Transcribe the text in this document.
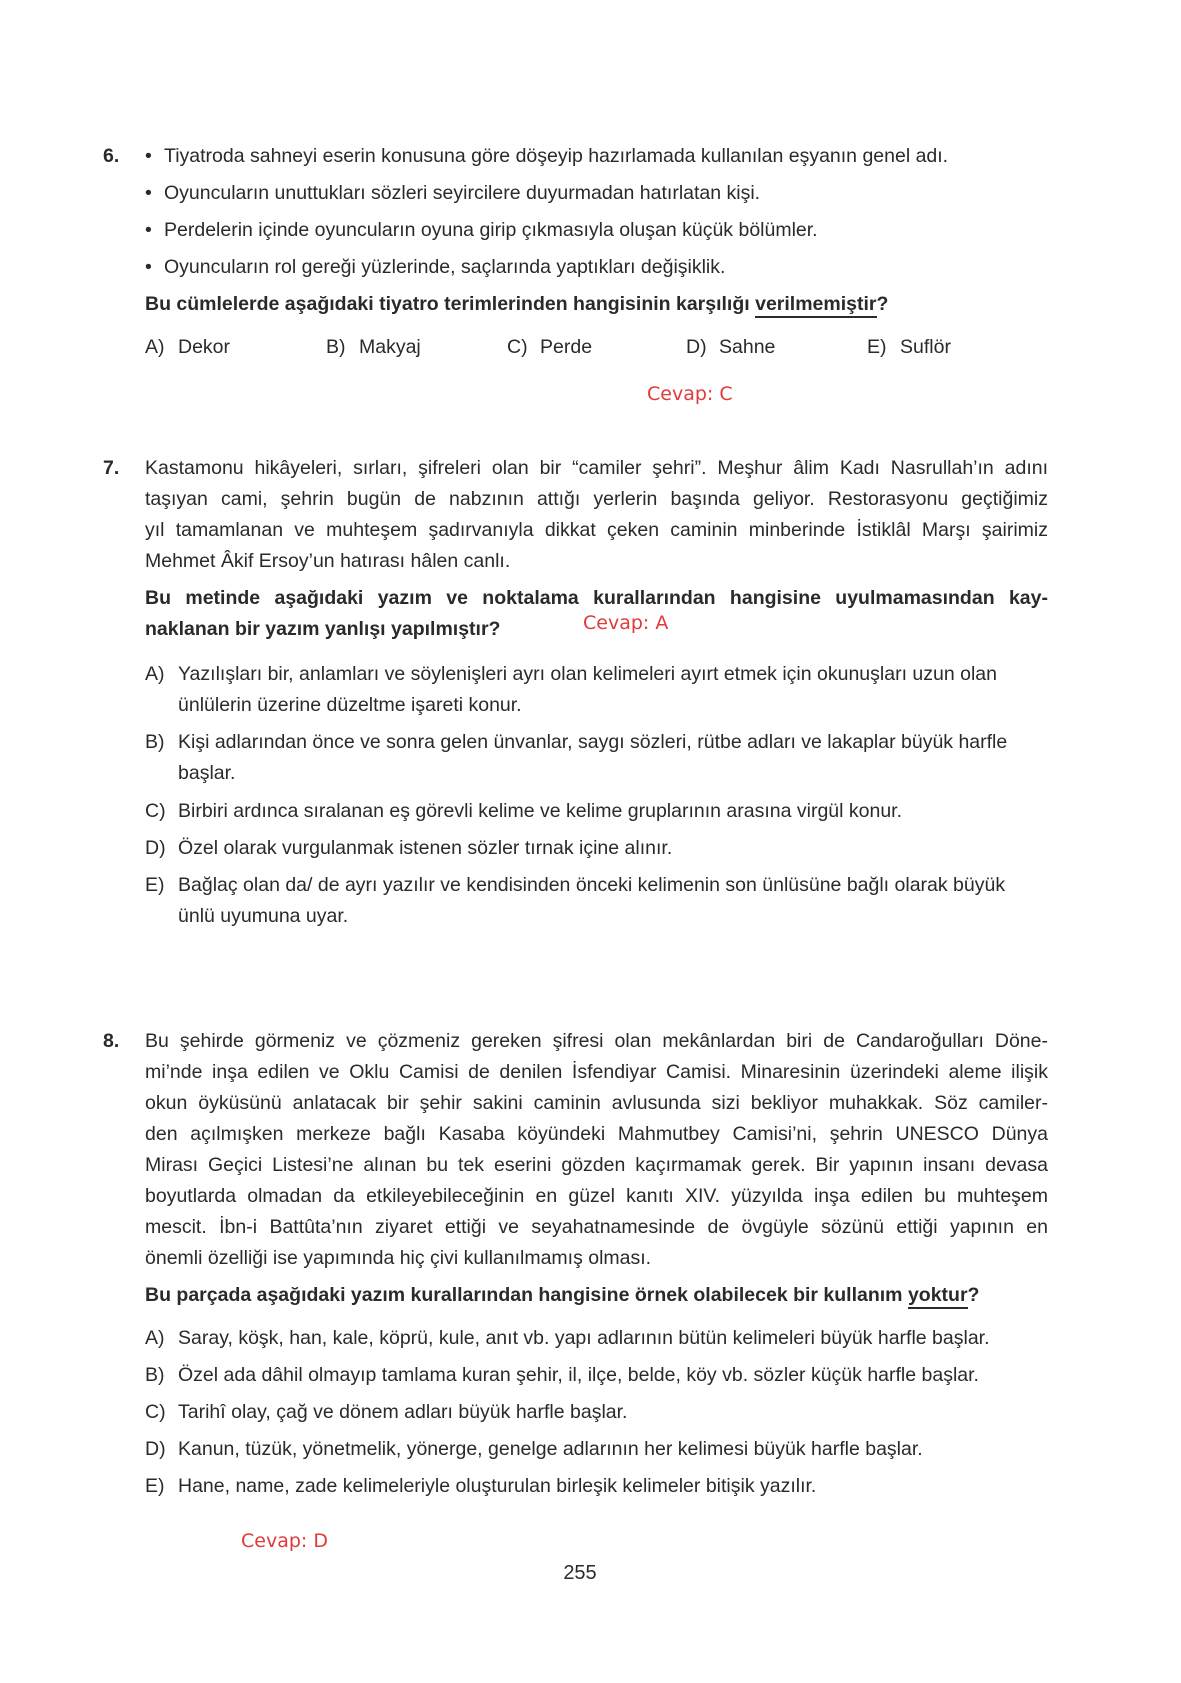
6. • Tiyatroda sahneyi eserin konusuna göre döşeyip hazırlamada kullanılan eşyanın genel adı.
• Oyuncuların unuttukları sözleri seyircilere duyurmadan hatırlatan kişi.
• Perdelerin içinde oyuncuların oyuna girip çıkmasıyla oluşan küçük bölümler.
• Oyuncuların rol gereği yüzlerinde, saçlarında yaptıkları değişiklik.
Bu cümlelerde aşağıdaki tiyatro terimlerinden hangisinin karşılığı verilmemiştir?
A) Dekor	B) Makyaj	C) Perde	D) Sahne	E) Suflör
Cevap: C
7. Kastamonu hikâyeleri, sırları, şifreleri olan bir “camiler şehri”. Meşhur âlim Kadı Nasrullah’ın adını
taşıyan cami, şehrin bugün de nabzının attığı yerlerin başında geliyor. Restorasyonu geçtiğimiz
yıl tamamlanan ve muhteşem şadırvanıyla dikkat çeken caminin minberinde İstiklâl Marşı şairimiz
Mehmet Âkif Ersoy’un hatırası hâlen canlı.
Bu metinde aşağıdaki yazım ve noktalama kurallarından hangisine uyulmamasından kay-
naklanan bir yazım yanlışı yapılmıştır?	Cevap: A
A) Yazılışları bir, anlamları ve söylenişleri ayrı olan kelimeleri ayırt etmek için okunuşları uzun olan
ünlülerin üzerine düzeltme işareti konur.
B) Kişi adlarından önce ve sonra gelen ünvanlar, saygı sözleri, rütbe adları ve lakaplar büyük harfle
başlar.
C) Birbiri ardınca sıralanan eş görevli kelime ve kelime gruplarının arasına virgül konur.
D) Özel olarak vurgulanmak istenen sözler tırnak içine alınır.
E) Bağlaç olan da/ de ayrı yazılır ve kendisinden önceki kelimenin son ünlüsüne bağlı olarak büyük
ünlü uyumuna uyar.
8. Bu şehirde görmeniz ve çözmeniz gereken şifresi olan mekânlardan biri de Candaroğulları Döne-
mi’nde inşa edilen ve Oklu Camisi de denilen İsfendiyar Camisi. Minaresinin üzerindeki aleme ilişik
okun öyküsünü anlatacak bir şehir sakini caminin avlusunda sizi bekliyor muhakkak. Söz camiler-
den açılmışken merkeze bağlı Kasaba köyündeki Mahmutbey Camisi’ni, şehrin UNESCO Dünya
Mirası Geçici Listesi’ne alınan bu tek eserini gözden kaçırmamak gerek. Bir yapının insanı devasa
boyutlarda olmadan da etkileyebileceğinin en güzel kanıtı XIV. yüzyılda inşa edilen bu muhteşem
mescit. İbn-i Battûta’nın ziyaret ettiği ve seyahatnamesinde de övgüyle sözünü ettiği yapının en
önemli özelliği ise yapımında hiç çivi kullanılmamış olması.
Bu parçada aşağıdaki yazım kurallarından hangisine örnek olabilecek bir kullanım yoktur?
A) Saray, köşk, han, kale, köprü, kule, anıt vb. yapı adlarının bütün kelimeleri büyük harfle başlar.
B) Özel ada dâhil olmayıp tamlama kuran şehir, il, ilçe, belde, köy vb. sözler küçük harfle başlar.
C) Tarihî olay, çağ ve dönem adları büyük harfle başlar.
D) Kanun, tüzük, yönetmelik, yönerge, genelge adlarının her kelimesi büyük harfle başlar.
E) Hane, name, zade kelimeleriyle oluşturulan birleşik kelimeler bitişik yazılır.
Cevap: D
255
